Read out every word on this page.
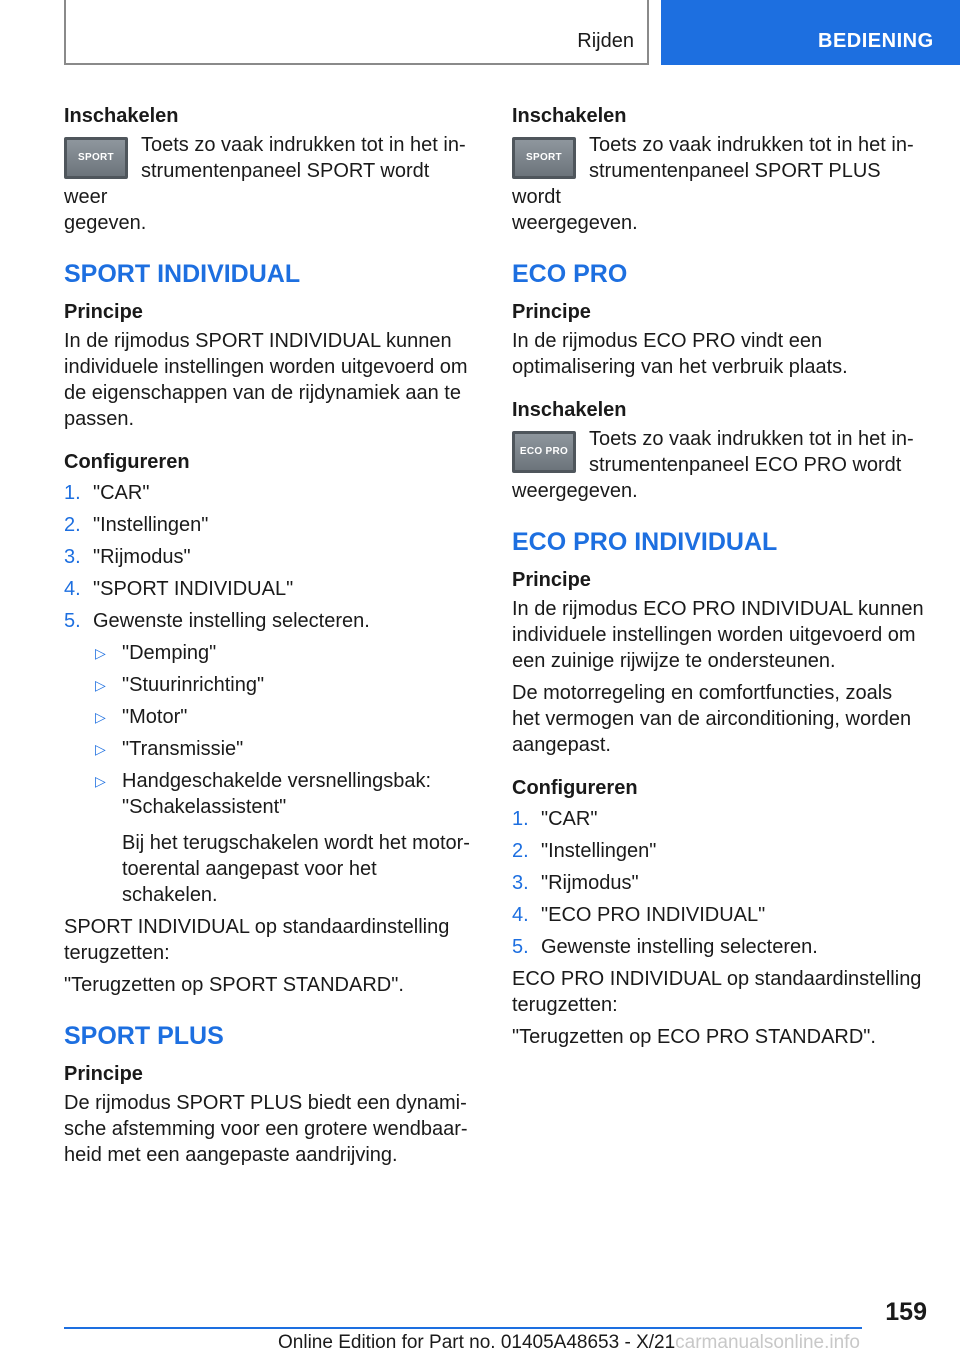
Rijden	BEDIENING
Inschakelen
SPORT
Toets zo vaak indrukken tot in het instrumentenpaneel SPORT wordt weer
gegeven.
SPORT INDIVIDUAL
Principe
In de rijmodus SPORT INDIVIDUAL kunnen individuele instellingen worden uitgevoerd om de eigenschappen van de rijdynamiek aan te passen.
Configureren
1. "CAR"
2. "Instellingen"
3. "Rijmodus"
4. "SPORT INDIVIDUAL"
5. Gewenste instelling selecteren.
▷ "Demping"
▷ "Stuurinrichting"
▷ "Motor"
▷ "Transmissie"
▷ Handgeschakelde versnellingsbak: "Schakelassistent"
Bij het terugschakelen wordt het motortoerental aangepast voor het schakelen.
SPORT INDIVIDUAL op standaardinstelling terugzetten:
"Terugzetten op SPORT STANDARD".
SPORT PLUS
Principe
De rijmodus SPORT PLUS biedt een dynamische afstemming voor een grotere wendbaarheid met een aangepaste aandrijving.
Inschakelen
SPORT
Toets zo vaak indrukken tot in het instrumentenpaneel SPORT PLUS wordt
weergegeven.
ECO PRO
Principe
In de rijmodus ECO PRO vindt een optimalisering van het verbruik plaats.
Inschakelen
ECO PRO
Toets zo vaak indrukken tot in het instrumentenpaneel ECO PRO wordt
weergegeven.
ECO PRO INDIVIDUAL
Principe
In de rijmodus ECO PRO INDIVIDUAL kunnen individuele instellingen worden uitgevoerd om een zuinige rijwijze te ondersteunen.
De motorregeling en comfortfuncties, zoals het vermogen van de airconditioning, worden aangepast.
Configureren
1. "CAR"
2. "Instellingen"
3. "Rijmodus"
4. "ECO PRO INDIVIDUAL"
5. Gewenste instelling selecteren.
ECO PRO INDIVIDUAL op standaardinstelling terugzetten:
"Terugzetten op ECO PRO STANDARD".
159
Online Edition for Part no. 01405A48653 - X/21carmanualsonline.info
